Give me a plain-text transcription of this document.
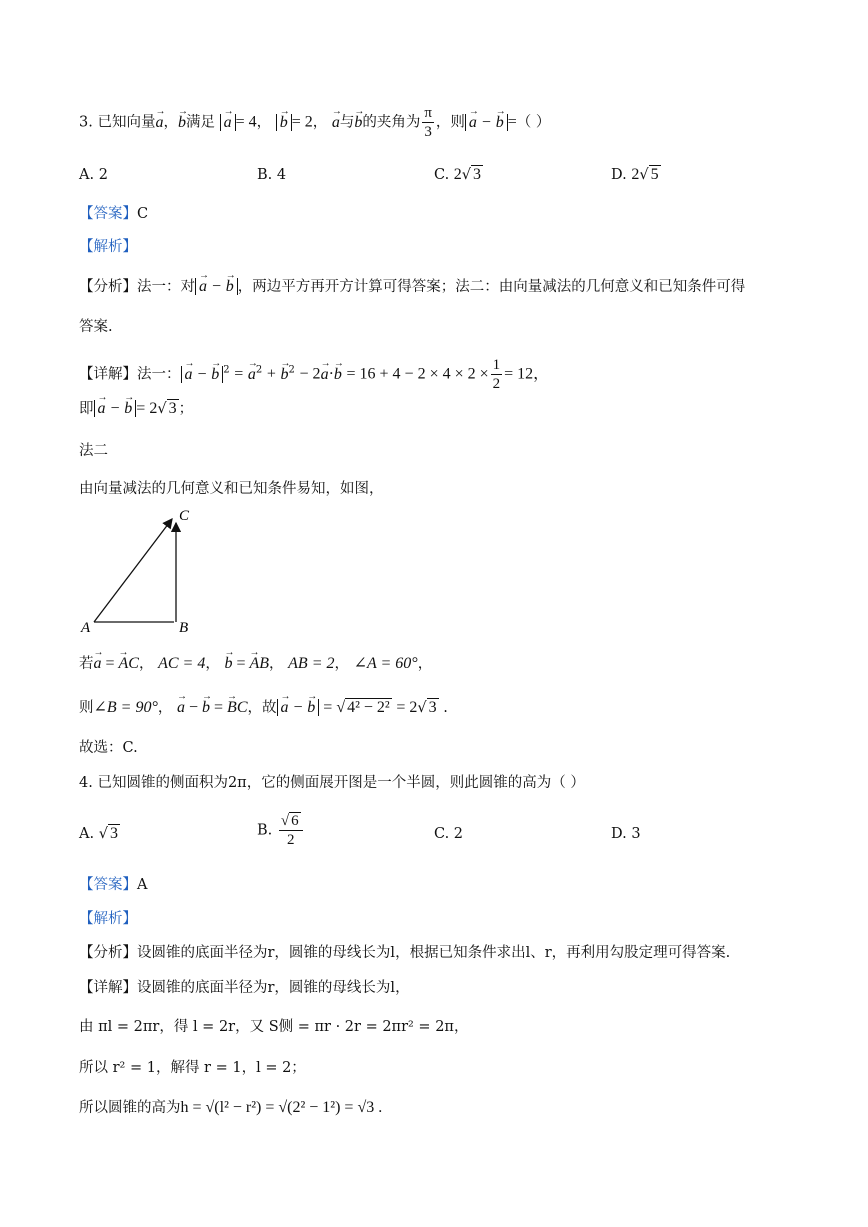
3. 已知向量→ a，→ b满足 → a = 4， → b = 2， → a与→ b的夹角为 $\frac{\pi}{3}$ ，则 → a − → b =（ ）
A. 2	B. 4	C. 2√ 3	D. 2√ 5
【答案】C
【解析】
【分析】法一：对 → a − → b ，两边平方再开方计算可得答案；法二：由向量减法的几何意义和已知条件可得
答案.
【详解】法一： → a − → b $^2$ = → $a^2$ + → $b^2 - 2\to a\cdot\to b = 16 + 4 - 2 \times 4 \times 2 \times \frac{1}{2} = 12$，
即 → a − → b = 2√ 3 ；
法二
由向量减法的几何意义和已知条件易知，如图，
A	B
C
若→ a = → AC， AC = 4， → b = → AB， AB = 2， ∠A = 60°，
则∠B = 90°， → a − → b = → BC，故 → a − → b = √ 4² − 2² = 2√ 3 .
故选：C.
4. 已知圆锥的侧面积为2π，它的侧面展开图是一个半圆，则此圆锥的高为（ ）
A. √ 3	B. $\frac{√ 6}{2}$	C. 2	D. 3
【答案】A
【解析】
【分析】设圆锥的底面半径为r，圆锥的母线长为l，根据已知条件求出l、r，再利用勾股定理可得答案.
【详解】设圆锥的底面半径为r，圆锥的母线长为l，
由 πl = 2πr，得 l = 2r，又 S侧 = πr · 2r = 2πr² = 2π，
所以 r² = 1，解得 r = 1，l = 2；
所以圆锥的高为h = √(l² − r²) = √(2² − 1²) = √3 .
